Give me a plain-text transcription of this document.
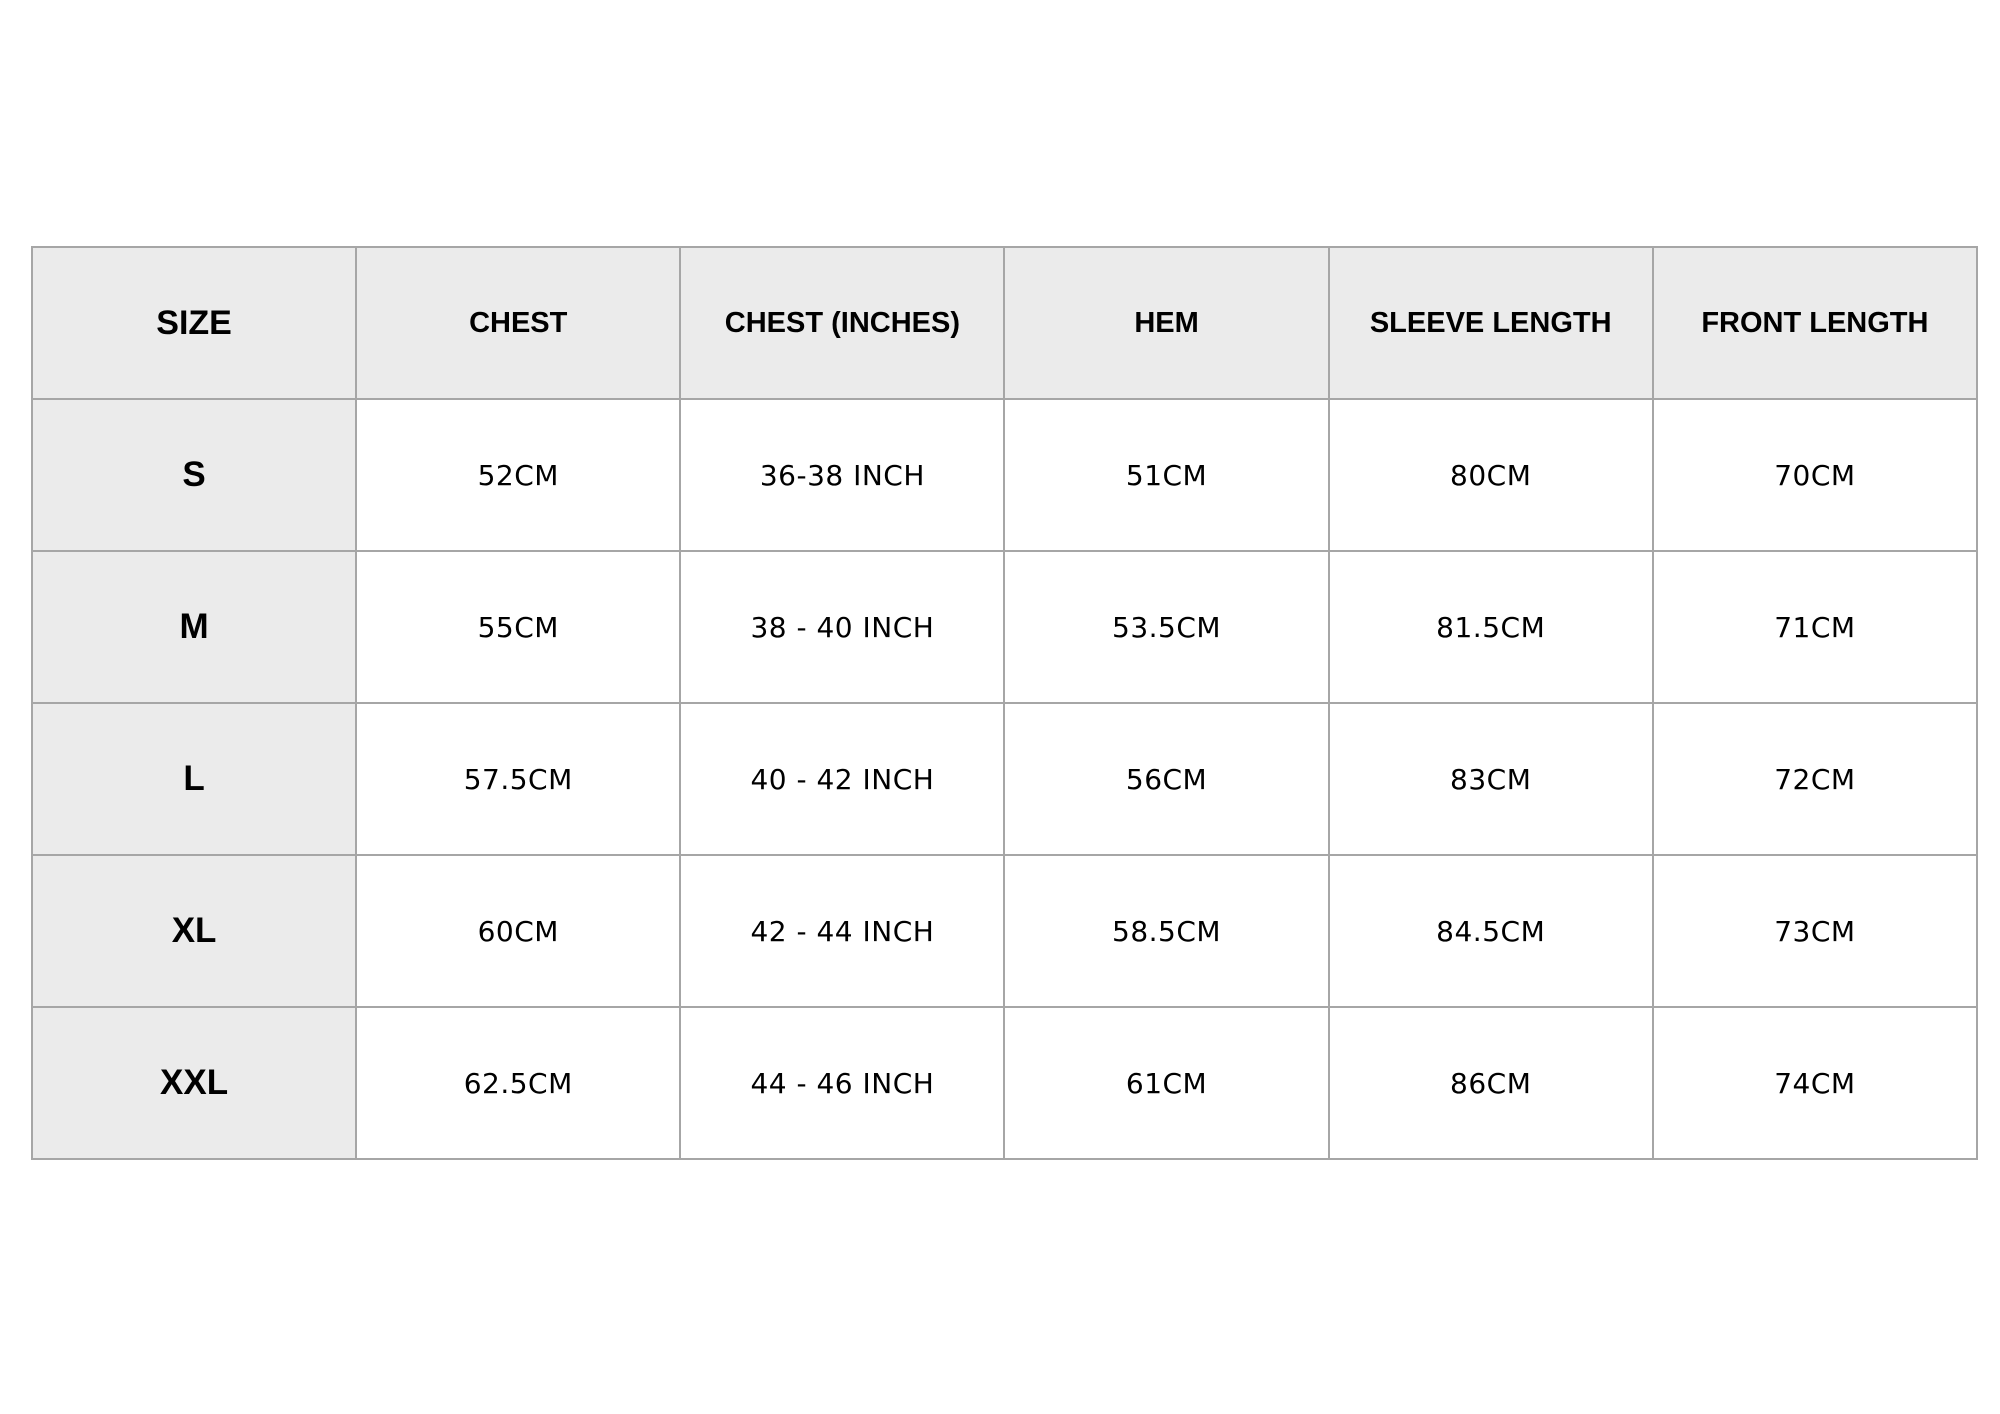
SIZE	CHEST	CHEST (INCHES)	HEM	SLEEVE LENGTH	FRONT LENGTH
S	52CM	36-38 INCH	51CM	80CM	70CM
M	55CM	38 - 40 INCH	53.5CM	81.5CM	71CM
L	57.5CM	40 - 42 INCH	56CM	83CM	72CM
XL	60CM	42 - 44 INCH	58.5CM	84.5CM	73CM
XXL	62.5CM	44 - 46 INCH	61CM	86CM	74CM
